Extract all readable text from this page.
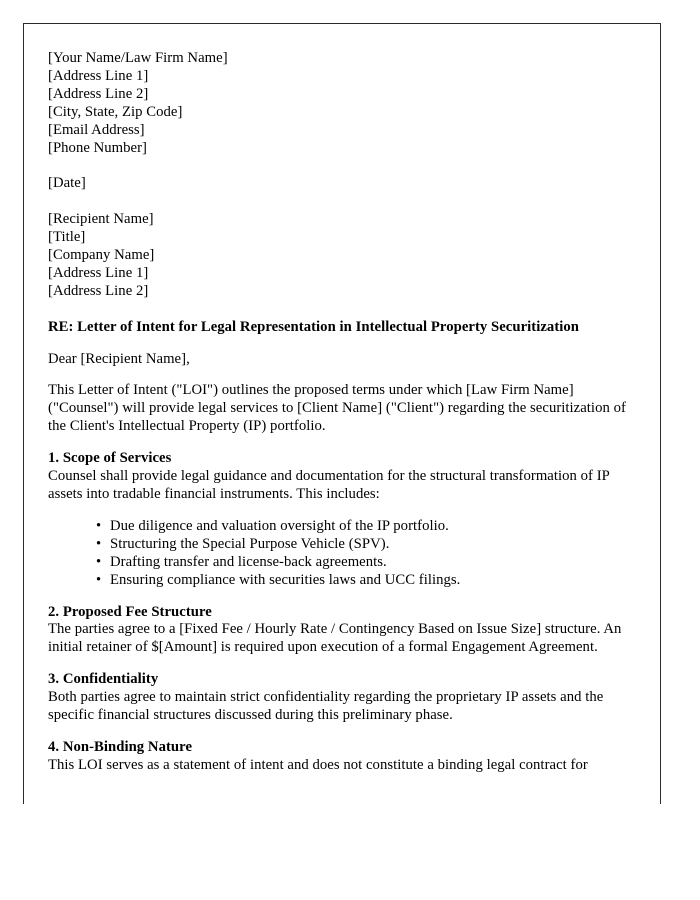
[Your Name/Law Firm Name]
[Address Line 1]
[Address Line 2]
[City, State, Zip Code]
[Email Address]
[Phone Number]
[Date]
[Recipient Name]
[Title]
[Company Name]
[Address Line 1]
[Address Line 2]
RE: Letter of Intent for Legal Representation in Intellectual Property Securitization
Dear [Recipient Name],
This Letter of Intent ("LOI") outlines the proposed terms under which [Law Firm Name] ("Counsel") will provide legal services to [Client Name] ("Client") regarding the securitization of the Client's Intellectual Property (IP) portfolio.
1. Scope of Services
Counsel shall provide legal guidance and documentation for the structural transformation of IP assets into tradable financial instruments. This includes:
• Due diligence and valuation oversight of the IP portfolio.
• Structuring the Special Purpose Vehicle (SPV).
• Drafting transfer and license-back agreements.
• Ensuring compliance with securities laws and UCC filings.
2. Proposed Fee Structure
The parties agree to a [Fixed Fee / Hourly Rate / Contingency Based on Issue Size] structure. An initial retainer of $[Amount] is required upon execution of a formal Engagement Agreement.
3. Confidentiality
Both parties agree to maintain strict confidentiality regarding the proprietary IP assets and the specific financial structures discussed during this preliminary phase.
4. Non-Binding Nature
This LOI serves as a statement of intent and does not constitute a binding legal contract for
